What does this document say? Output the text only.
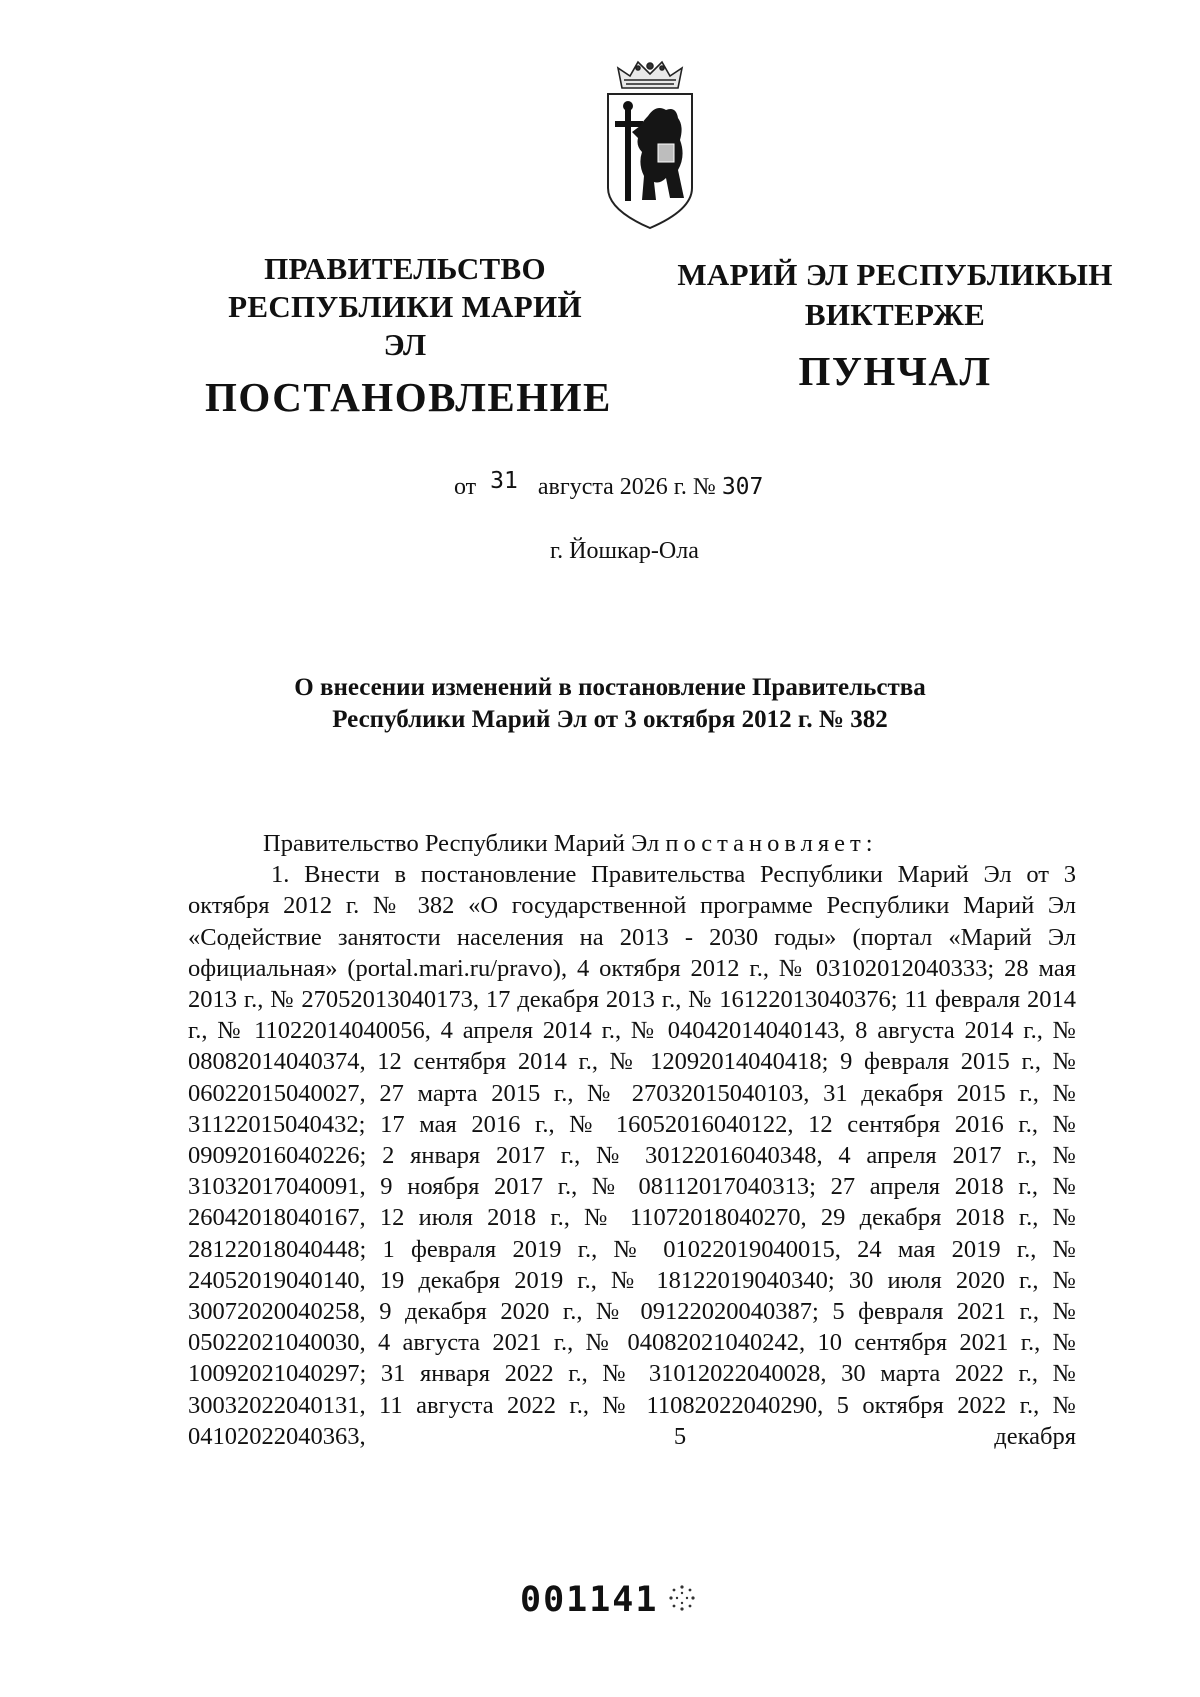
ПРАВИТЕЛЬСТВО
РЕСПУБЛИКИ МАРИЙ ЭЛ
ПОСТАНОВЛЕНИЕ
МАРИЙ ЭЛ РЕСПУБЛИКЫН
ВИКТЕРЖЕ
ПУНЧАЛ
от 31 августа 2026 г. № 307
г. Йошкар-Ола
О внесении изменений в постановление Правительства
Республики Марий Эл от 3 октября 2012 г. № 382
Правительство Республики Марий Эл постановляет:
1. Внести в постановление Правительства Республики Марий Эл от 3 октября 2012 г. № 382 «О государственной программе Республики Марий Эл «Содействие занятости населения на 2013 - 2030 годы» (портал «Марий Эл официальная» (portal.mari.ru/pravo), 4 октября 2012 г., № 03102012040333; 28 мая 2013 г., № 27052013040173, 17 декабря 2013 г., № 16122013040376; 11 февраля 2014 г., № 11022014040056, 4 апреля 2014 г., № 04042014040143, 8 августа 2014 г., № 08082014040374, 12 сентября 2014 г., № 12092014040418; 9 февраля 2015 г., № 06022015040027, 27 марта 2015 г., № 27032015040103, 31 декабря 2015 г., № 31122015040432; 17 мая 2016 г., № 16052016040122, 12 сентября 2016 г., № 09092016040226; 2 января 2017 г., № 30122016040348, 4 апреля 2017 г., № 31032017040091, 9 ноября 2017 г., № 08112017040313; 27 апреля 2018 г., № 26042018040167, 12 июля 2018 г., № 11072018040270, 29 декабря 2018 г., № 28122018040448; 1 февраля 2019 г., № 01022019040015, 24 мая 2019 г., № 24052019040140, 19 декабря 2019 г., № 18122019040340; 30 июля 2020 г., № 30072020040258, 9 декабря 2020 г., № 09122020040387; 5 февраля 2021 г., № 05022021040030, 4 августа 2021 г., № 04082021040242, 10 сентября 2021 г., № 10092021040297; 31 января 2022 г., № 31012022040028, 30 марта 2022 г., № 30032022040131, 11 августа 2022 г., № 11082022040290, 5 октября 2022 г., № 04102022040363, 5 декабря
001141
